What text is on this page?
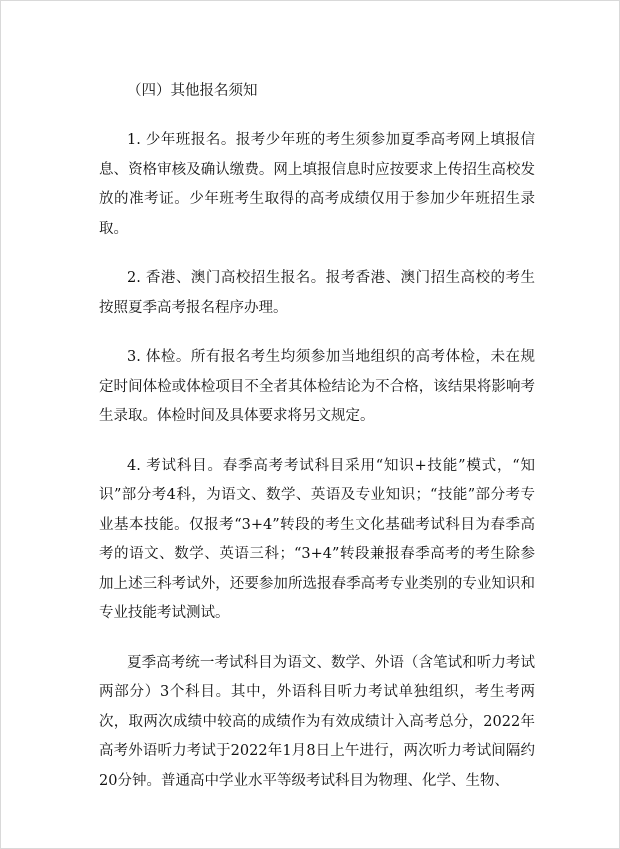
（四）其他报名须知

1. 少年班报名。报考少年班的考生须参加夏季高考网上填报信息、资格审核及确认缴费。网上填报信息时应按要求上传招生高校发放的准考证。少年班考生取得的高考成绩仅用于参加少年班招生录取。

2. 香港、澳门高校招生报名。报考香港、澳门招生高校的考生按照夏季高考报名程序办理。

3. 体检。所有报名考生均须参加当地组织的高考体检，未在规定时间体检或体检项目不全者其体检结论为不合格，该结果将影响考生录取。体检时间及具体要求将另文规定。

4. 考试科目。春季高考考试科目采用“知识+技能”模式，“知识”部分考4科，为语文、数学、英语及专业知识；“技能”部分考专业基本技能。仅报考“3+4”转段的考生文化基础考试科目为春季高考的语文、数学、英语三科；“3+4”转段兼报春季高考的考生除参加上述三科考试外，还要参加所选报春季高考专业类别的专业知识和专业技能考试测试。

夏季高考统一考试科目为语文、数学、外语（含笔试和听力考试两部分）3个科目。其中，外语科目听力考试单独组织，考生考两次，取两次成绩中较高的成绩作为有效成绩计入高考总分，2022年高考外语听力考试于2022年1月8日上午进行，两次听力考试间隔约20分钟。普通高中学业水平等级考试科目为物理、化学、生物、
